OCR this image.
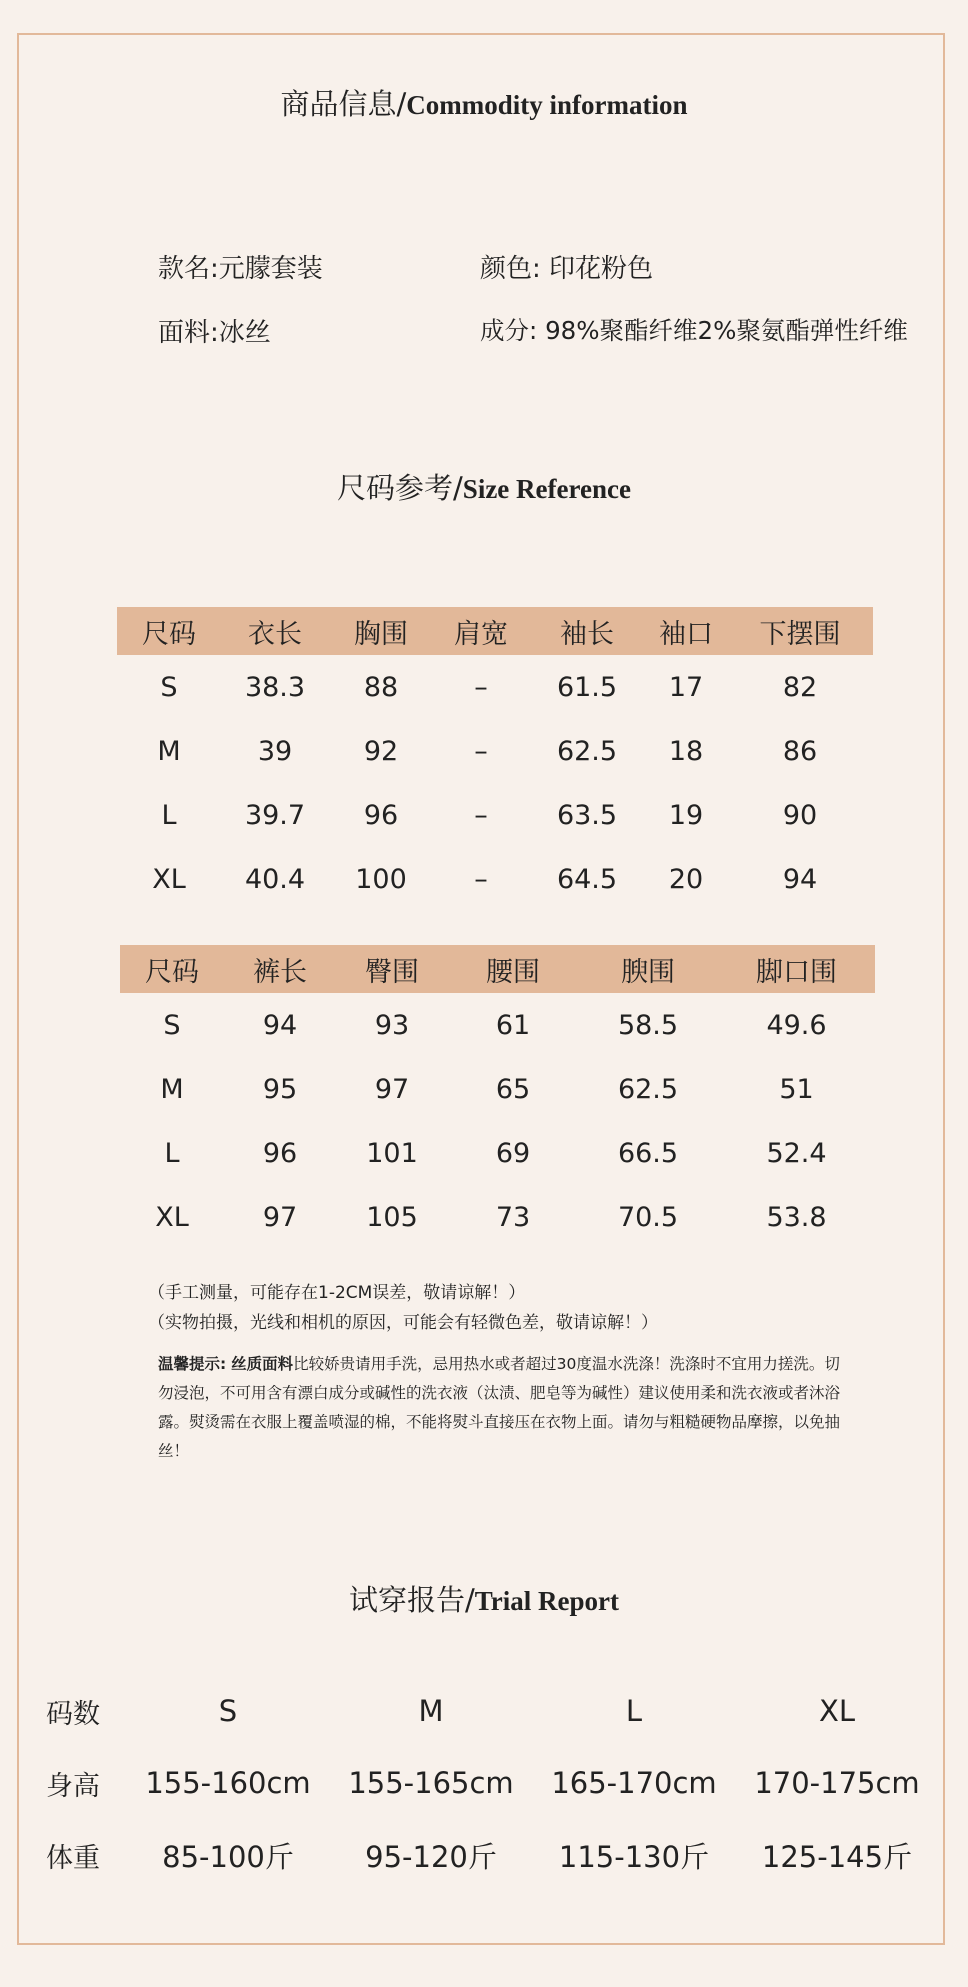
商品信息/Commodity information
款名:元朦套装	颜色: 印花粉色
面料:冰丝	成分: 98%聚酯纤维2%聚氨酯弹性纤维
尺码参考/Size Reference
尺码	衣长	胸围	肩宽	袖长	袖口	下摆围
S	38.3	88	–	61.5	17	82
M	39	92	–	62.5	18	86
L	39.7	96	–	63.5	19	90
XL	40.4	100	–	64.5	20	94
尺码	裤长	臀围	腰围	腴围	脚口围
S	94	93	61	58.5	49.6
M	95	97	65	62.5	51
L	96	101	69	66.5	52.4
XL	97	105	73	70.5	53.8
（手工测量，可能存在1-2CM误差，敬请谅解！）
（实物拍摄，光线和相机的原因，可能会有轻微色差，敬请谅解！）
温馨提示: 丝质面料比较娇贵请用手洗，忌用热水或者超过30度温水洗涤！洗涤时不宜用力搓洗。切勿浸泡，不可用含有漂白成分或碱性的洗衣液（汰渍、肥皂等为碱性）建议使用柔和洗衣液或者沐浴露。熨烫需在衣服上覆盖喷湿的棉，不能将熨斗直接压在衣物上面。请勿与粗糙硬物品摩擦，以免抽丝！
试穿报告/Trial Report
码数	S	M	L	XL
身高	155-160cm	155-165cm	165-170cm	170-175cm
体重	85-100斤	95-120斤	115-130斤	125-145斤
